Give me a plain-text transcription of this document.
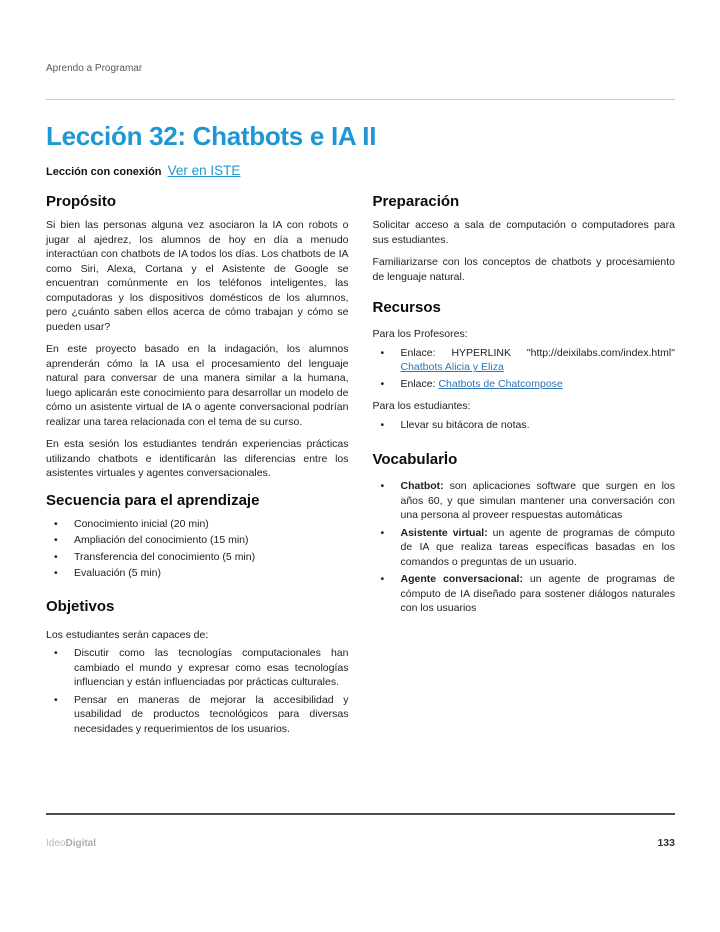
Aprendo a Programar
Lección 32: Chatbots e IA II
Lección con conexión Ver en ISTE
Propósito

Si bien las personas alguna vez asociaron la IA con robots o jugar al ajedrez, los alumnos de hoy en día a menudo interactúan con chatbots de IA todos los días. Los chatbots de IA como Siri, Alexa, Cortana y el Asistente de Google se encuentran comúnmente en los teléfonos inteligentes, las computadoras y los dispositivos domésticos de los alumnos, pero ¿cuánto saben ellos acerca de cómo trabajan y cómo se pueden usar?

En este proyecto basado en la indagación, los alumnos aprenderán cómo la IA usa el procesamiento del lenguaje natural para conversar de una manera similar a la humana, luego aplicarán este conocimiento para desarrollar un modelo de cómo un asistente virtual de IA o agente conversacional podrían realizar una tarea relacionada con el tema de su curso.

En esta sesión los estudiantes tendrán experiencias prácticas utilizando chatbots e identificarán las diferencias entre los asistentes virtuales y agentes conversacionales.

Secuencia para el aprendizaje
• Conocimiento inicial (20 min)
• Ampliación del conocimiento (15 min)
• Transferencia del conocimiento (5 min)
• Evaluación (5 min)
Objetivos

Los estudiantes serán capaces de:

• Discutir como las tecnologías computacionales han cambiado el mundo y expresar como esas tecnologías influencian y están influenciadas por prácticas culturales.
• Pensar en maneras de mejorar la accesibilidad y usabilidad de productos tecnológicos para diversas necesidades y requerimientos de los usuarios.
Preparación

Solicitar acceso a sala de computación o computadores para sus estudiantes.

Familiarizarse con los conceptos de chatbots y procesamiento de lenguaje natural.

Recursos

Para los Profesores:

• Enlace: HYPERLINK "http://deixilabs.com/index.html"
Chatbots Alicia y Eliza
• Enlace: Chatbots de Chatcompose

Para los estudiantes:

• Llevar su bitácora de notas.
Vocabularİo
• Chatbot: son aplicaciones software que surgen en los años 60, y que simulan mantener una conversación con una persona al proveer respuestas automáticas
• Asistente virtual: un agente de programas de cómputo de IA que realiza tareas específicas basadas en los comandos o preguntas de un usuario.
• Agente conversacional: un agente de programas de cómputo de IA diseñado para sostener diálogos naturales con los usuarios
IdeoDigital	133
